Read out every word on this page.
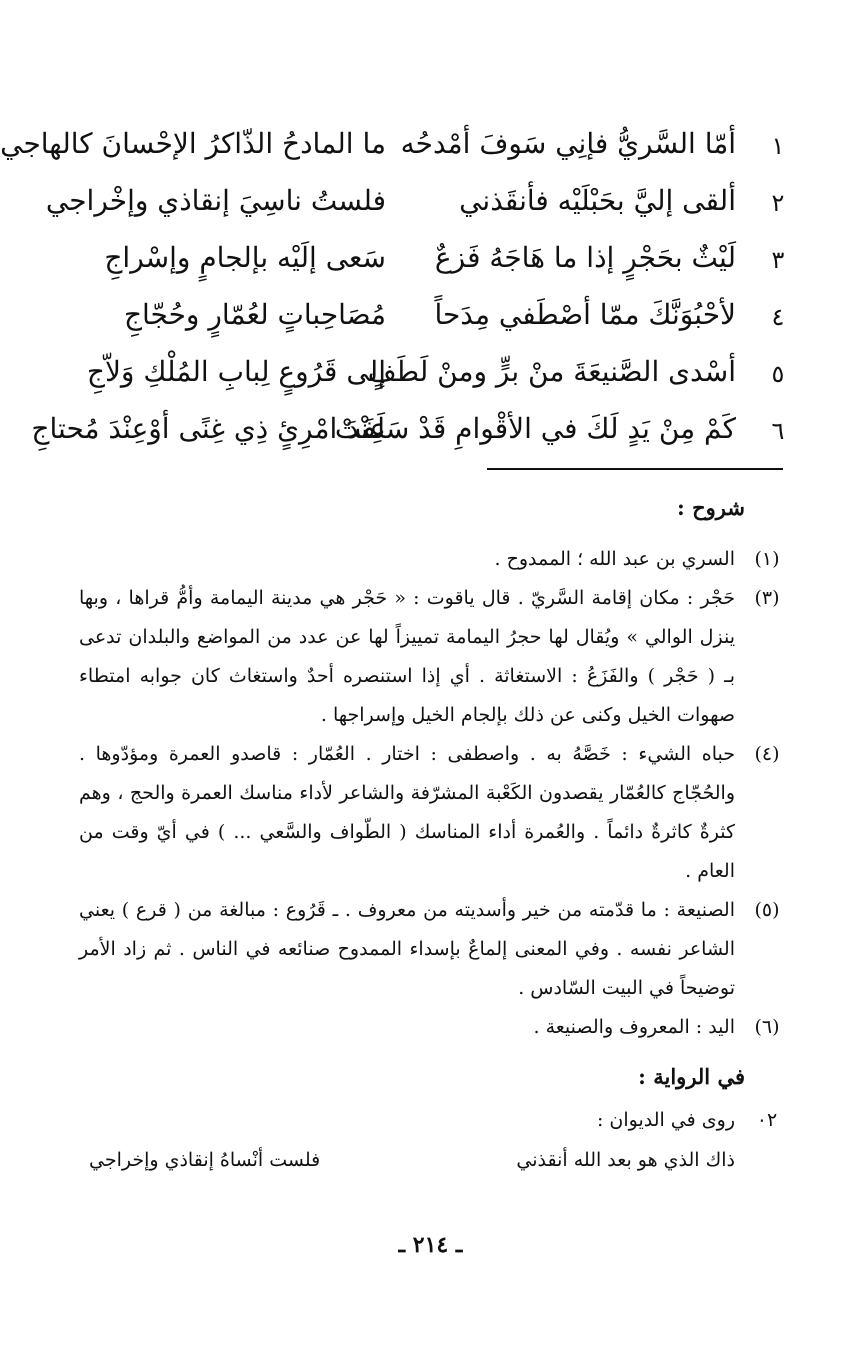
١
أمّا السَّريُّ فإنِي سَوفَ أمْدحُه
ما المادحُ الذّاكرُ الإحْسانَ كالهاجي
٢
ألقى إليَّ بحَبْلَيْه فأنقَذني
فلستُ ناسِيَ إنقاذي وإخْراجي
٣
لَيْثٌ بحَجْرٍ إذا ما هَاجَهُ فَزعٌ
سَعى إلَيْه بإلجامٍ وإسْراجِ
٤
لأحْبُوَنَّكَ ممّا أصْطَفي مِدَحاً
مُصَاحِباتٍ لعُمّارٍ وحُجّاجِ
٥
أسْدى الصَّنيعَةَ منْ برٍّ ومنْ لَطَفٍ
إلى قَرُوعٍ لِبابِ المُلْكِ وَلاّجِ
٦
كَمْ مِنْ يَدٍ لَكَ في الأقْوامِ قَدْ سَلَفَتْ
عِنْدَ امْرِئٍ ذِي غِنًى أوْعِنْدَ مُحتاجِ
شروح :
(١)
السري بن عبد الله ؛ الممدوح .
(٣)
حَجْر : مكان إقامة السَّريّ . قال ياقوت : « حَجْر هي مدينة اليمامة وأمُّ قراها ، وبها ينزل الوالي » ويُقال لها حجرُ اليمامة تمييزاً لها عن عدد من المواضع والبلدان تدعى بـ ( حَجْر ) والفَزَعُ : الاستغاثة . أي إذا استنصره أحدٌ واستغاث كان جوابه امتطاء صهوات الخيل وكنى عن ذلك بإلجام الخيل وإسراجها .
(٤)
حباه الشيء : خَصَّهُ به . واصطفى : اختار . العُمّار : قاصدو العمرة ومؤدّوها . والحُجّاج كالعُمّار يقصدون الكَعْبة المشرّفة والشاعر لأداء مناسك العمرة والحج ، وهم كثرةٌ كاثرةٌ دائماً . والعُمرة أداء المناسك ( الطّواف والسَّعي ... ) في أيّ وقت من العام .
(٥)
الصنيعة : ما قدّمته من خير وأسديته من معروف . ـ قَرُوع : مبالغة من ( قرع ) يعني الشاعر نفسه . وفي المعنى إلماعٌ بإسداء الممدوح صنائعه في الناس . ثم زاد الأمر توضيحاً في البيت السّادس .
(٦)
اليد : المعروف والصنيعة .
في الرواية :
٠٢
روى في الديوان :
ذاك الذي هو بعد الله أنقذني
فلست أنْساهُ إنقاذي وإخراجي
ـ ٢١٤ ـ
